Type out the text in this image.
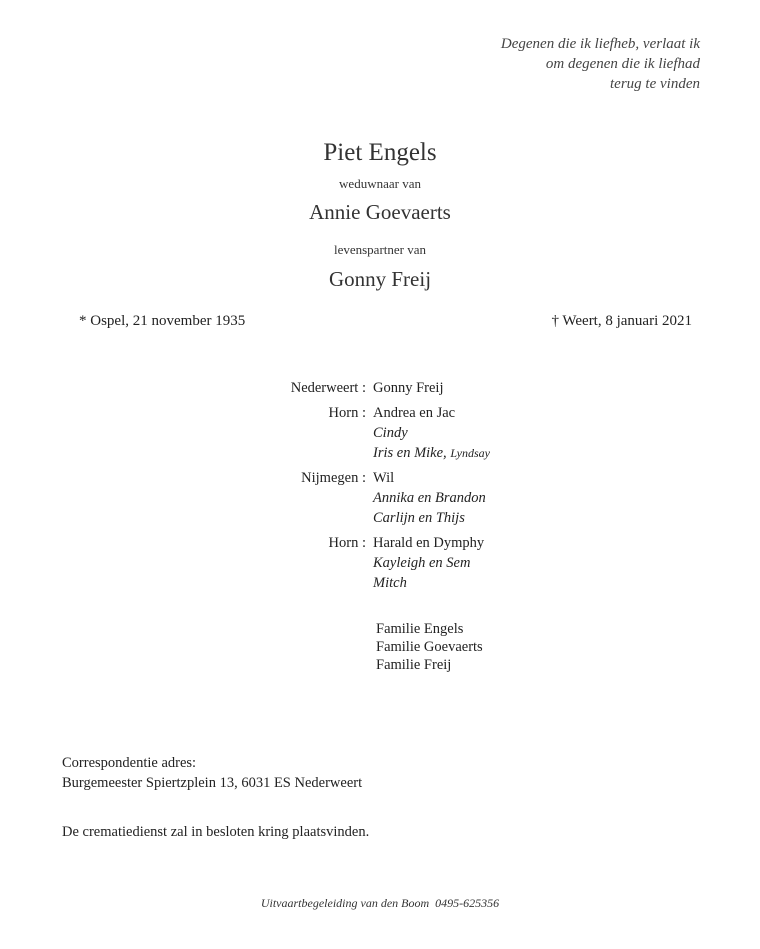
Degenen die ik liefheb, verlaat ik
om degenen die ik liefhad
terug te vinden
Piet Engels
weduwnaar van
Annie Goevaerts
levenspartner van
Gonny Freij
* Ospel, 21 november 1935	† Weert, 8 januari 2021
Nederweert : Gonny Freij
Horn : Andrea en Jac
Cindy
Iris en Mike, Lyndsay
Nijmegen : Wil
Annika en Brandon
Carlijn en Thijs
Horn : Harald en Dymphy
Kayleigh en Sem
Mitch
Familie Engels
Familie Goevaerts
Familie Freij
Correspondentie adres:
Burgemeester Spiertzplein 13, 6031 ES Nederweert
De crematiedienst zal in besloten kring plaatsvinden.
Uitvaartbegeleiding van den Boom 0495-625356
